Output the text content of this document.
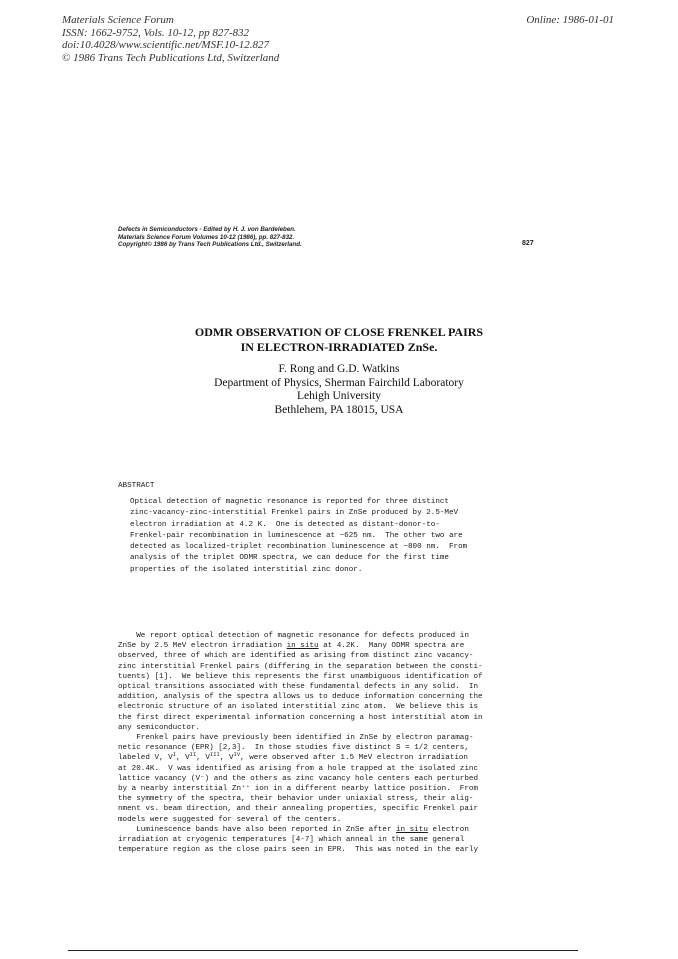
Materials Science Forum
ISSN: 1662-9752, Vols. 10-12, pp 827-832
doi:10.4028/www.scientific.net/MSF.10-12.827
© 1986 Trans Tech Publications Ltd, Switzerland
Online: 1986-01-01
Defects in Semiconductors - Edited by H. J. von Bardeleben.
Materials Science Forum Volumes 10-12 (1986), pp. 827-832.
Copyright© 1986 by Trans Tech Publications Ltd., Switzerland.	827
ODMR OBSERVATION OF CLOSE FRENKEL PAIRS
IN ELECTRON-IRRADIATED ZnSe.
F. Rong and G.D. Watkins
Department of Physics, Sherman Fairchild Laboratory
Lehigh University
Bethlehem, PA 18015, USA
ABSTRACT
Optical detection of magnetic resonance is reported for three distinct
zinc-vacancy-zinc-interstitial Frenkel pairs in ZnSe produced by 2.5-MeV
electron irradiation at 4.2 K.  One is detected as distant-donor-to-
Frenkel-pair recombination in luminescence at ~625 nm.  The other two are
detected as localized-triplet recombination luminescence at ~800 nm.  From
analysis of the triplet ODMR spectra, we can deduce for the first time
properties of the isolated interstitial zinc donor.
We report optical detection of magnetic resonance for defects produced in
ZnSe by 2.5 MeV electron irradiation in situ at 4.2K.  Many ODMR spectra are
observed, three of which are identified as arising from distinct zinc vacancy-
zinc interstitial Frenkel pairs (differing in the separation between the consti-
tuents) [1].  We believe this represents the first unambiguous identification of
optical transitions associated with these fundamental defects in any solid.  In
addition, analysis of the spectra allows us to deduce information concerning the
electronic structure of an isolated interstitial zinc atom.  We believe this is
the first direct experimental information concerning a host interstitial atom in
any semiconductor.
Frenkel pairs have previously been identified in ZnSe by electron paramag-
netic resonance (EPR) [2,3].  In those studies five distinct S = 1/2 centers,
labeled V, $V^I$, $V^{II}$, $V^{III}$, $V^{IV}$, were observed after 1.5 MeV electron irradiation
at 20.4K.  V was identified as arising from a hole trapped at the isolated zinc
lattice vacancy (V⁻) and the others as zinc vacancy hole centers each perturbed
by a nearby interstitial Zn⁺⁺ ion in a different nearby lattice position.  From
the symmetry of the spectra, their behavior under uniaxial stress, their alig-
nment vs. beam direction, and their annealing properties, specific Frenkel pair
models were suggested for several of the centers.
Luminescence bands have also been reported in ZnSe after in situ electron
irradiation at cryogenic temperatures [4-7] which anneal in the same general
temperature region as the close pairs seen in EPR.  This was noted in the early
